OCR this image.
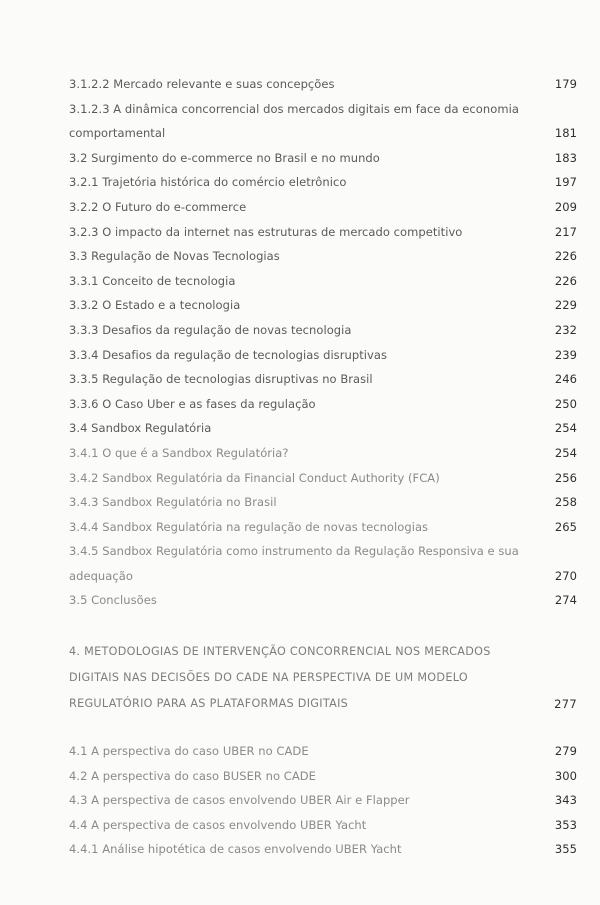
3.1.2.2 Mercado relevante e suas concepções	179
3.1.2.3 A dinâmica concorrencial dos mercados digitais em face da economia comportamental	181
3.2 Surgimento do e-commerce no Brasil e no mundo	183
3.2.1 Trajetória histórica do comércio eletrônico	197
3.2.2 O Futuro do e-commerce	209
3.2.3 O impacto da internet nas estruturas de mercado competitivo	217
3.3 Regulação de Novas Tecnologias	226
3.3.1 Conceito de tecnologia	226
3.3.2 O Estado e a tecnologia	229
3.3.3 Desafios da regulação de novas tecnologia	232
3.3.4 Desafios da regulação de tecnologias disruptivas	239
3.3.5 Regulação de tecnologias disruptivas no Brasil	246
3.3.6 O Caso Uber e as fases da regulação	250
3.4 Sandbox Regulatória	254
3.4.1 O que é a Sandbox Regulatória?	254
3.4.2 Sandbox Regulatória da Financial Conduct Authority (FCA)	256
3.4.3 Sandbox Regulatória no Brasil	258
3.4.4 Sandbox Regulatória na regulação de novas tecnologias	265
3.4.5 Sandbox Regulatória como instrumento da Regulação Responsiva e sua adequação	270
3.5 Conclusões	274
4. METODOLOGIAS DE INTERVENÇÃO CONCORRENCIAL NOS MERCADOS DIGITAIS NAS DECISÕES DO CADE NA PERSPECTIVA DE UM MODELO REGULATÓRIO PARA AS PLATAFORMAS DIGITAIS	277
4.1 A perspectiva do caso UBER no CADE	279
4.2 A perspectiva do caso BUSER no CADE	300
4.3 A perspectiva de casos envolvendo UBER Air e Flapper	343
4.4 A perspectiva de casos envolvendo UBER Yacht	353
4.4.1 Análise hipotética de casos envolvendo UBER Yacht	355
